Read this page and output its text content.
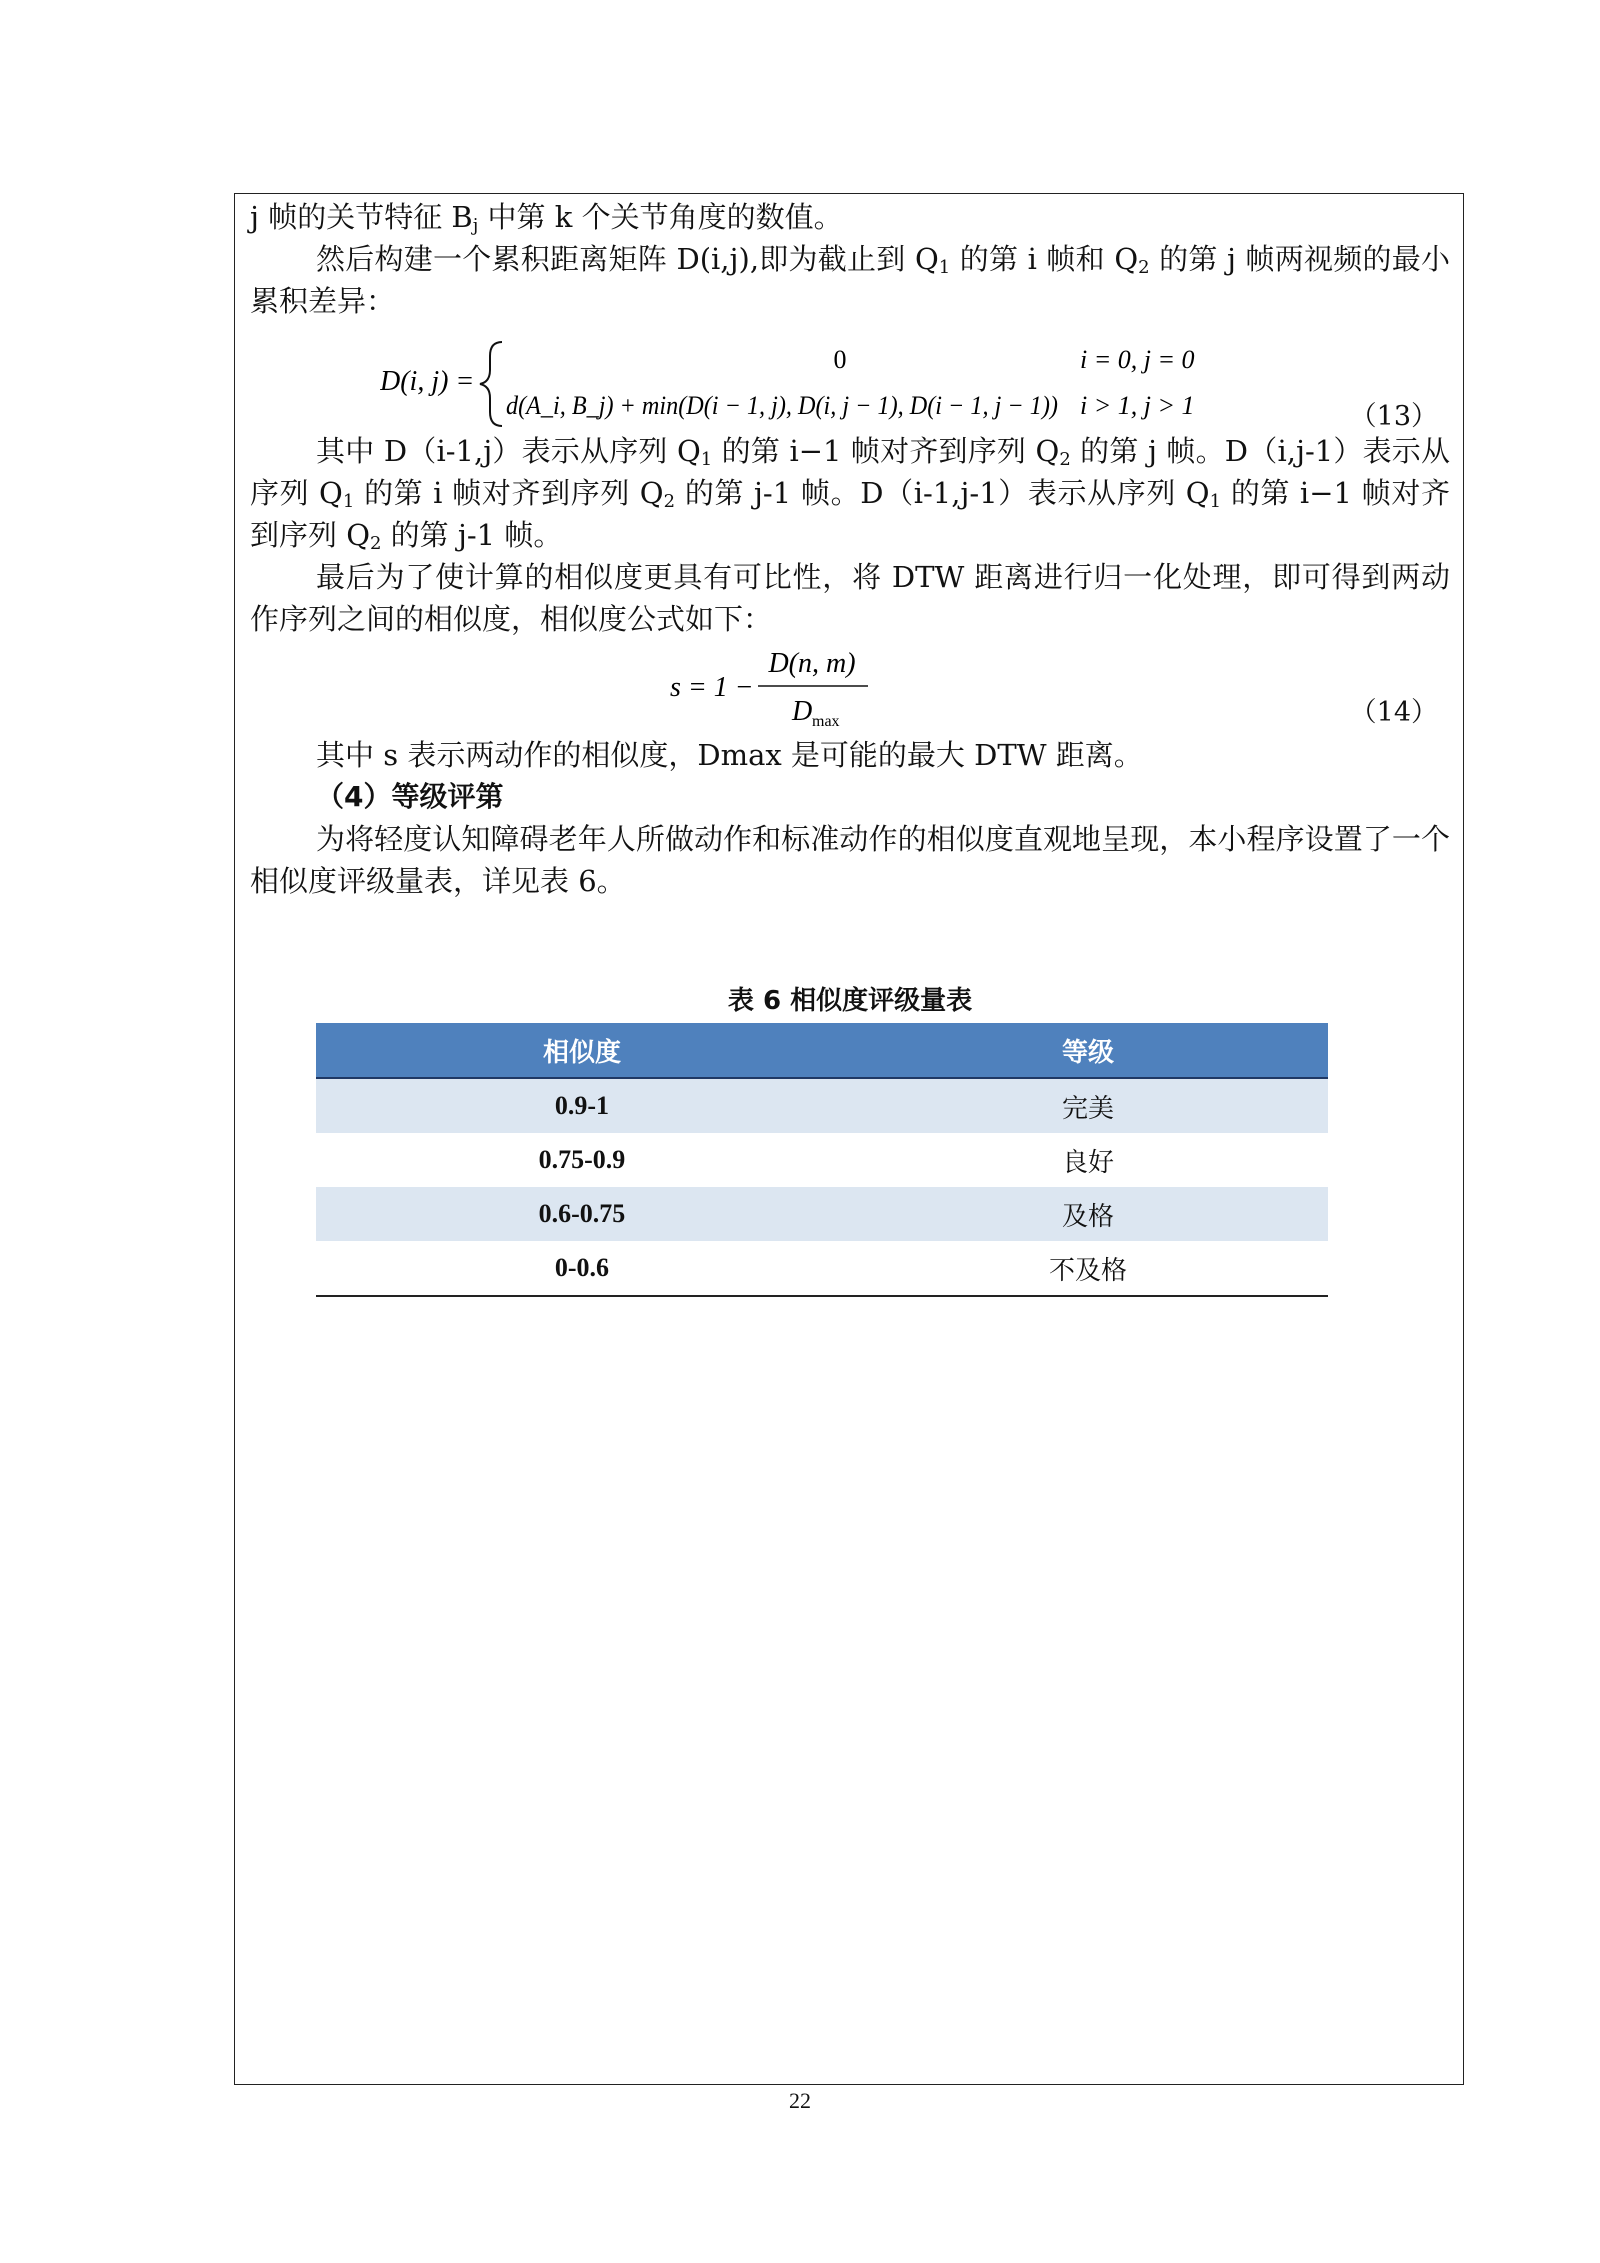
j 帧的关节特征 $B_j$ 中第 k 个关节角度的数值。

然后构建一个累积距离矩阵 D(i,j),即为截止到 $Q_1$ 的第 i 帧和 $Q_2$ 的第 j 帧两视频的最小累积差异：

D(i, j) =
0	i = 0, j = 0
d(A_i, B_j) + min(D(i − 1, j), D(i, j − 1), D(i − 1, j − 1)) i > 1, j > 1	（13）

其中 D（i-1,j）表示从序列 $Q_1$ 的第 i−1 帧对齐到序列 $Q_2$ 的第 j 帧。D（i,j-1）表示从序列 $Q_1$ 的第 i 帧对齐到序列 $Q_2$ 的第 j-1 帧。D（i-1,j-1）表示从序列 $Q_1$ 的第 i−1 帧对齐到序列 $Q_2$ 的第 j-1 帧。

最后为了使计算的相似度更具有可比性，将 DTW 距离进行归一化处理，即可得到两动作序列之间的相似度，相似度公式如下：

s = 1 −
D(n, m)
D max	（14）

其中 s 表示两动作的相似度，Dmax 是可能的最大 DTW 距离。

（4）等级评第

为将轻度认知障碍老年人所做动作和标准动作的相似度直观地呈现，本小程序设置了一个相似度评级量表，详见表 6。

表 6 相似度评级量表
相似度	等级
0.9-1	完美
0.75-0.9	良好
0.6-0.75	及格
0-0.6	不及格
22
